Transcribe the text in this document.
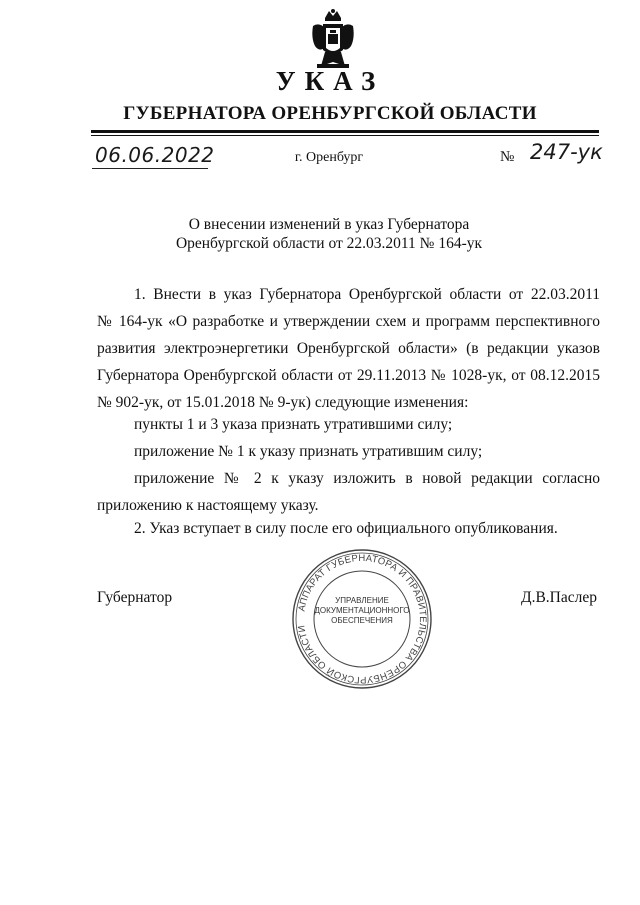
УКАЗ
ГУБЕРНАТОРА ОРЕНБУРГСКОЙ ОБЛАСТИ
06.06.2022	г. Оренбург	№ 247-ук
О внесении изменений в указ Губернатора
Оренбургской области от 22.03.2011 № 164-ук
1. Внести в указ Губернатора Оренбургской области от 22.03.2011
№ 164-ук «О разработке и утверждении схем и программ перспективного
развития электроэнергетики Оренбургской области» (в редакции указов
Губернатора Оренбургской области от 29.11.2013 № 1028-ук, от 08.12.2015
№ 902-ук, от 15.01.2018 № 9-ук) следующие изменения:
пункты 1 и 3 указа признать утратившими силу;
приложение № 1 к указу признать утратившим силу;
приложение № 2 к указу изложить в новой редакции согласно
приложению к настоящему указу.
2. Указ вступает в силу после его официального опубликования.
Губернатор	Д.В.Паслер
АППАРАТ ГУБЕРНАТОРА И ПРАВИТЕЛЬСТВА ОРЕНБУРГСКОЙ ОБЛАСТИ
УПРАВЛЕНИЕ
ДОКУМЕНТАЦИОННОГО
ОБЕСПЕЧЕНИЯ
